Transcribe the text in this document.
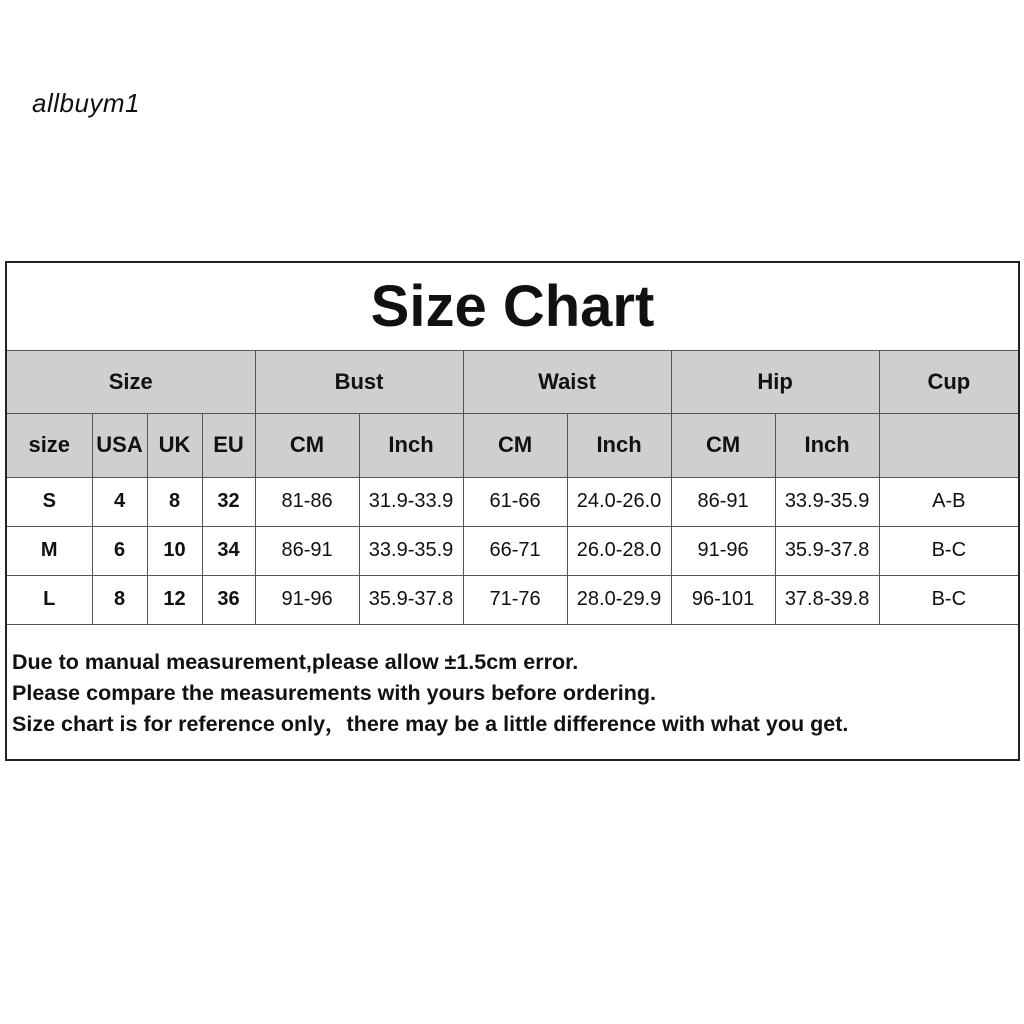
allbuym1
Size Chart
Size				Bust		Waist		Hip		Cup
size	USA	UK	EU	CM	Inch	CM	Inch	CM	Inch	
S	4	8	32	81-86	31.9-33.9	61-66	24.0-26.0	86-91	33.9-35.9	A-B
M	6	10	34	86-91	33.9-35.9	66-71	26.0-28.0	91-96	35.9-37.8	B-C
L	8	12	36	91-96	35.9-37.8	71-76	28.0-29.9	96-101	37.8-39.8	B-C
Due to manual measurement,please allow ±1.5cm error.
Please compare the measurements with yours before ordering.
Size chart is for reference only，there may be a little difference with what you get.
